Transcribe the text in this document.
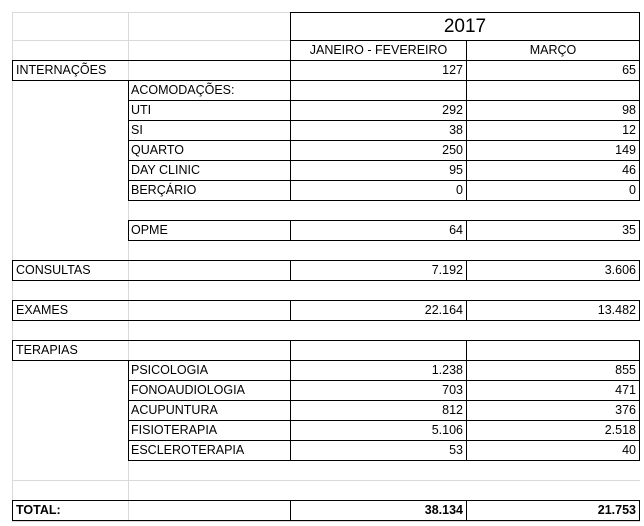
2017
JANEIRO - FEVEREIRO	MARÇO
INTERNAÇÕES	127	65
ACOMODAÇÕES:
UTI	292	98
SI	38	12
QUARTO	250	149
DAY CLINIC	95	46
BERÇÁRIO	0	0
OPME	64	35
CONSULTAS	7.192	3.606
EXAMES	22.164	13.482
TERAPIAS
PSICOLOGIA	1.238	855
FONOAUDIOLOGIA	703	471
ACUPUNTURA	812	376
FISIOTERAPIA	5.106	2.518
ESCLEROTERAPIA	53	40
TOTAL:	38.134	21.753
